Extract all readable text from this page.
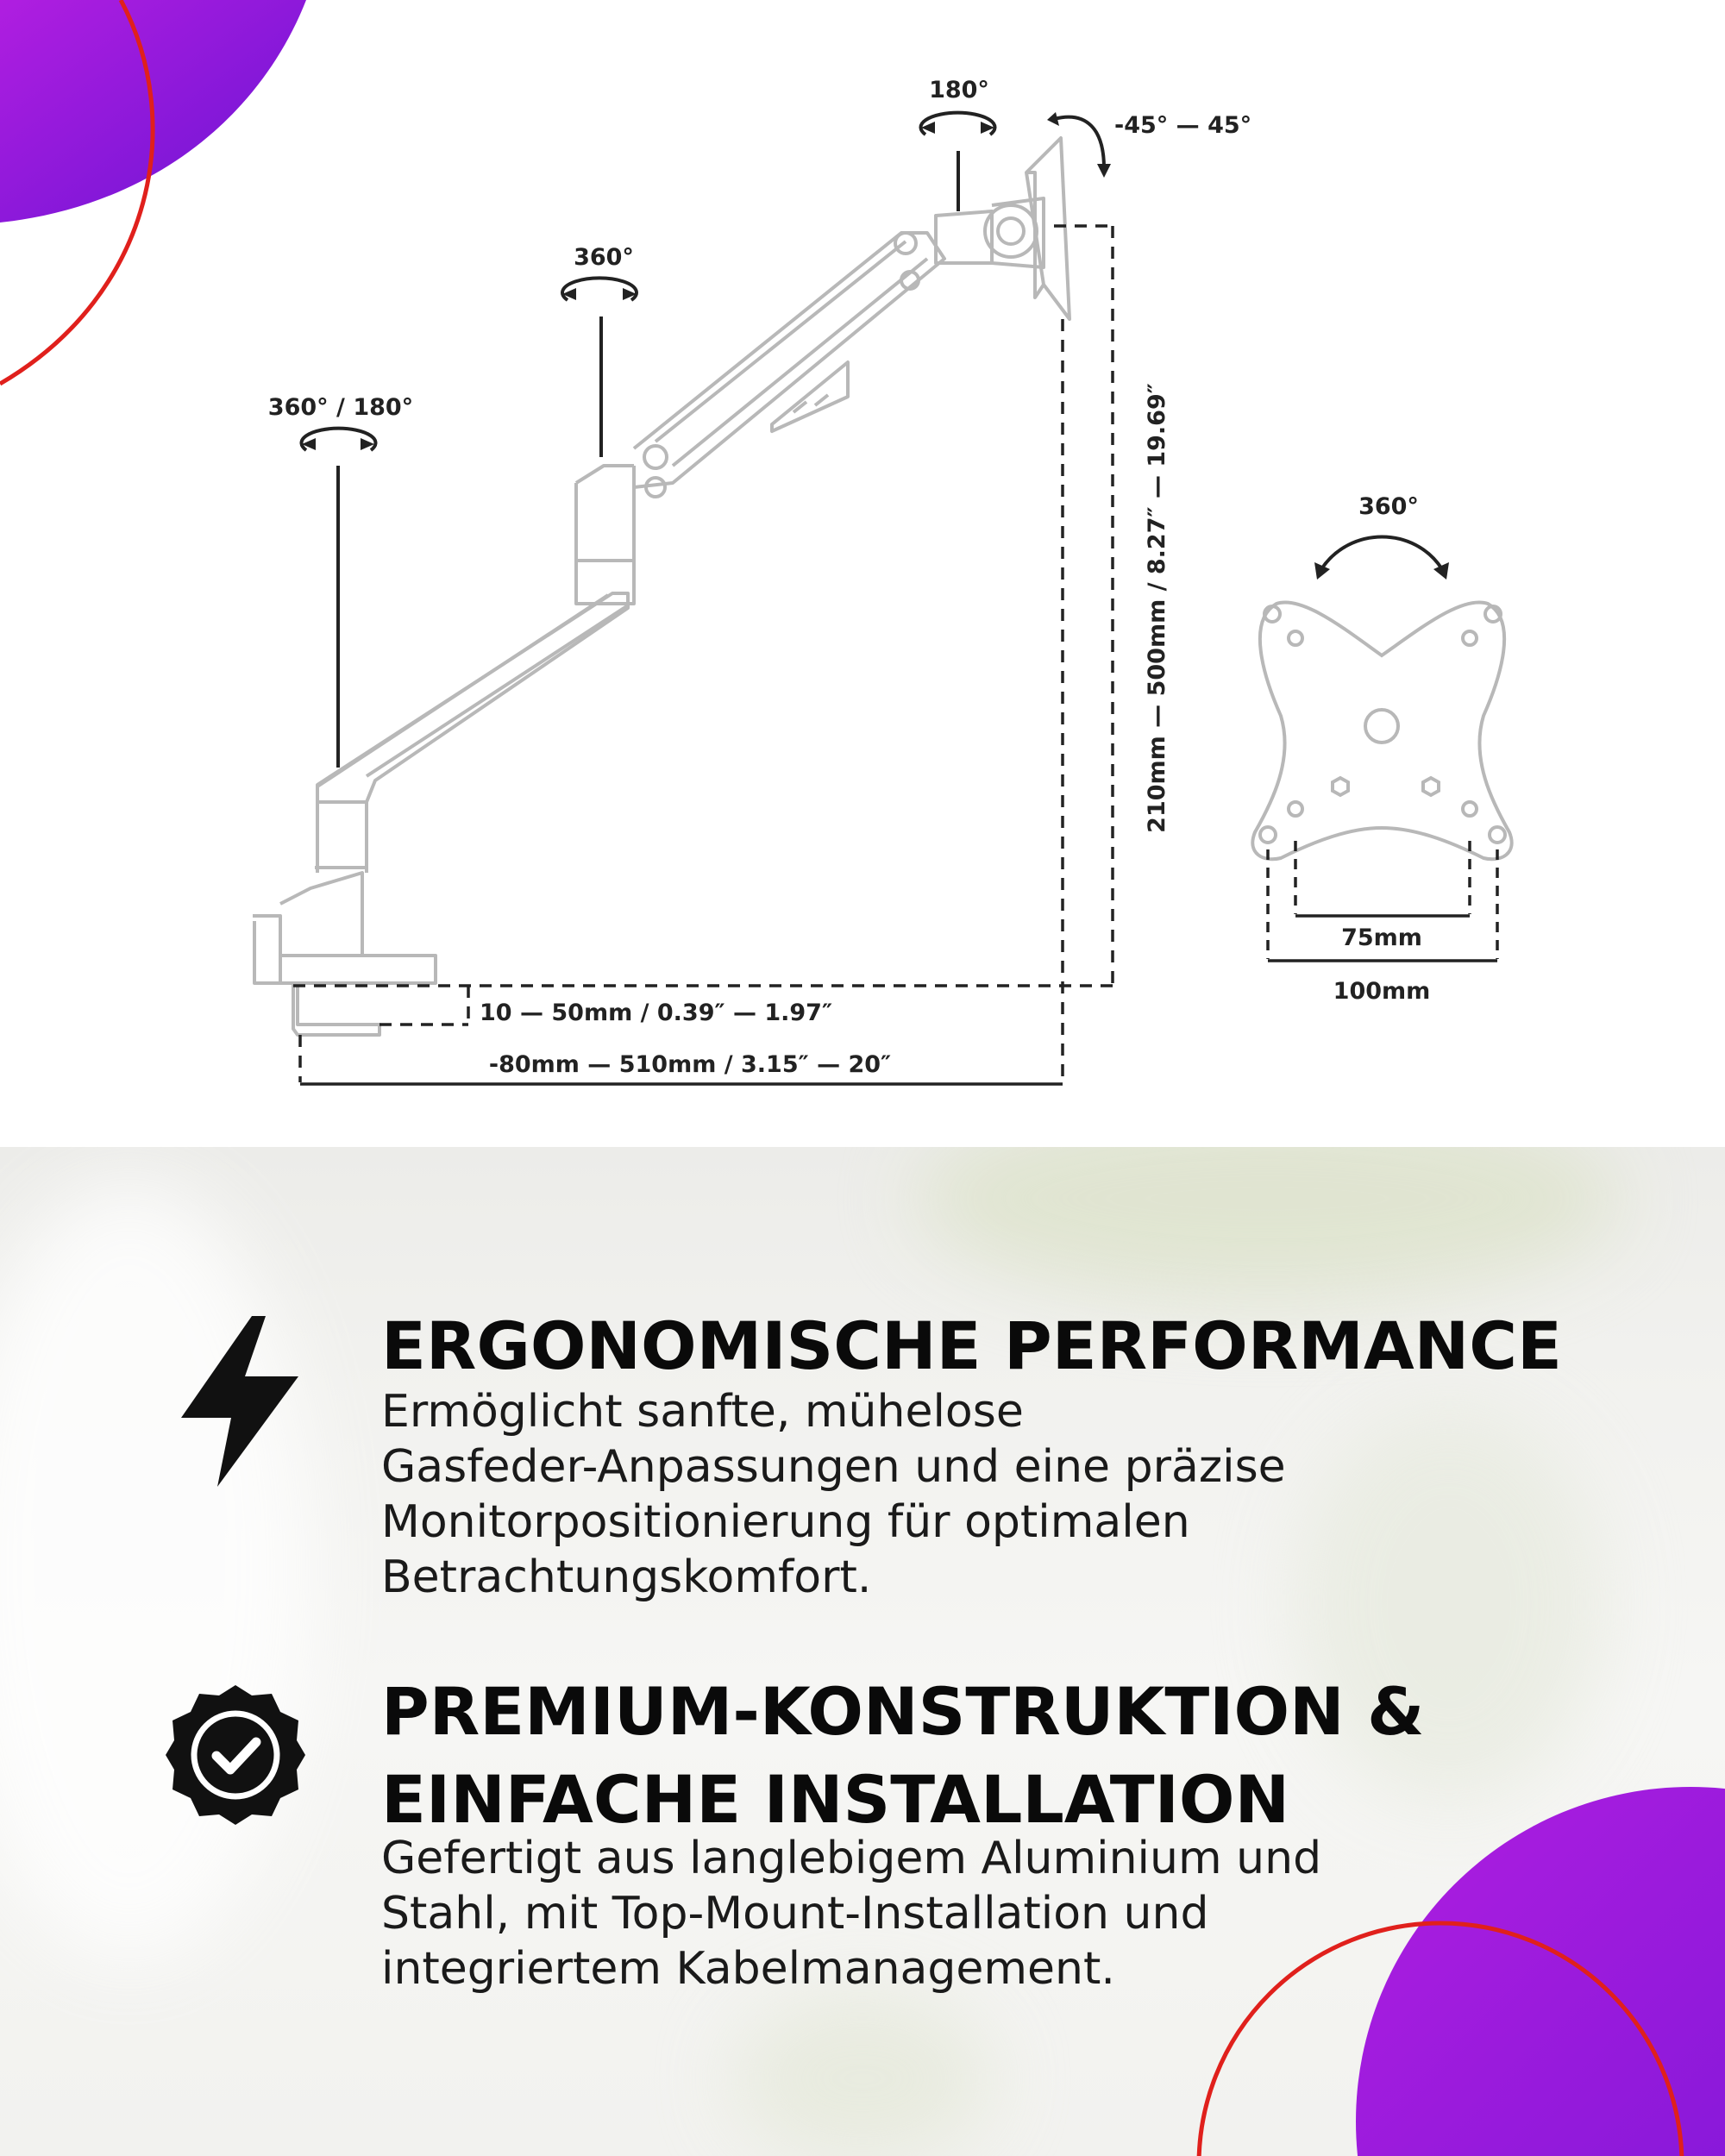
360° / 180°
360°
180°
-45° — 45°
210mm — 500mm / 8.27″ — 19.69″
10 — 50mm / 0.39″ — 1.97″
-80mm — 510mm / 3.15″ — 20″
360°
75mm
100mm
ERGONOMISCHE PERFORMANCE

Ermöglicht sanfte, mühelose
Gasfeder-Anpassungen und eine präzise
Monitorpositionierung für optimalen
Betrachtungskomfort.

PREMIUM-KONSTRUKTION &
EINFACHE INSTALLATION

Gefertigt aus langlebigem Aluminium und
Stahl, mit Top-Mount-Installation und
integriertem Kabelmanagement.
